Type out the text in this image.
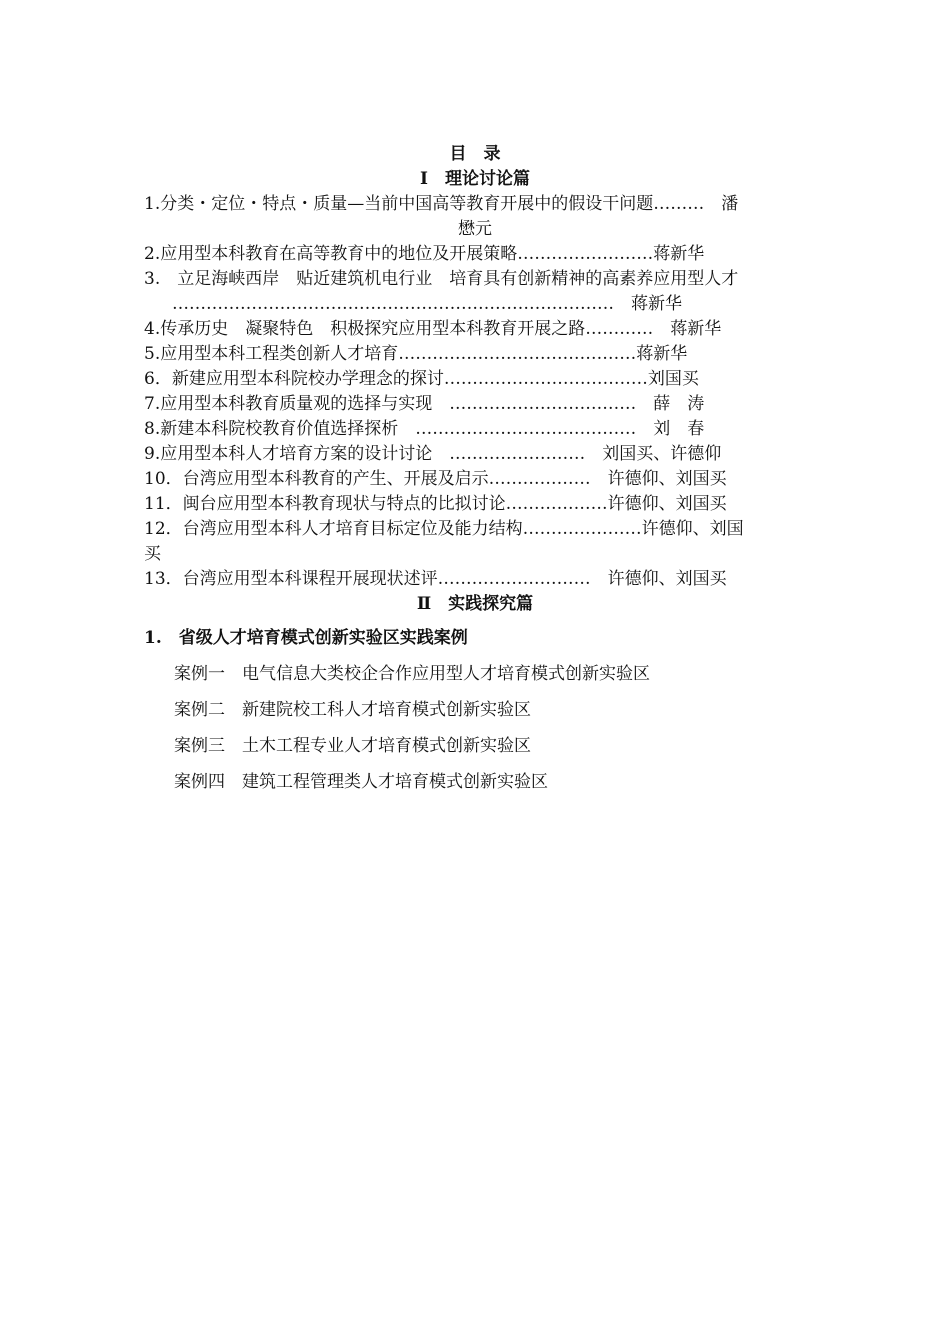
目　录
Ⅰ　理论讨论篇
1.分类・定位・特点・质量—当前中国高等教育开展中的假设干问题………　潘
懋元
2.应用型本科教育在高等教育中的地位及开展策略……………………蒋新华
3.　立足海峡西岸　贴近建筑机电行业　培育具有创新精神的高素养应用型人才
……………………………………………………………………　蒋新华
4.传承历史　凝聚特色　积极探究应用型本科教育开展之路…………　蒋新华
5.应用型本科工程类创新人才培育……………………………………蒋新华
6．新建应用型本科院校办学理念的探讨………………………………刘国买
7.应用型本科教育质量观的选择与实现　……………………………　薛　涛
8.新建本科院校教育价值选择探析　…………………………………　刘　春
9.应用型本科人才培育方案的设计讨论　……………………　刘国买、许德仰
10．台湾应用型本科教育的产生、开展及启示………………　许德仰、刘国买
11．闽台应用型本科教育现状与特点的比拟讨论………………许德仰、刘国买
12．台湾应用型本科人才培育目标定位及能力结构…………………许德仰、刘国
买
13．台湾应用型本科课程开展现状述评………………………　许德仰、刘国买
Ⅱ　实践探究篇
1.　省级人才培育模式创新实验区实践案例
案例一　电气信息大类校企合作应用型人才培育模式创新实验区
案例二　新建院校工科人才培育模式创新实验区
案例三　土木工程专业人才培育模式创新实验区
案例四　建筑工程管理类人才培育模式创新实验区
